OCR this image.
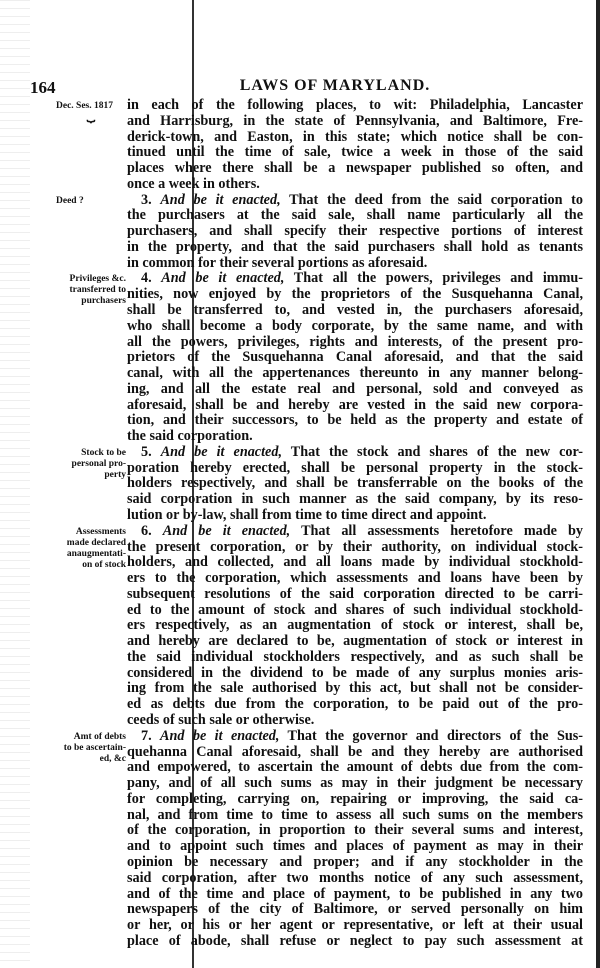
164	LAWS OF MARYLAND.
in each of the following places, to wit: Philadelphia, Lancaster
and Harrisburg, in the state of Pennsylvania, and Baltimore, Fre-
derick-town, and Easton, in this state; which notice shall be con-
tinued until the time of sale, twice a week in those of the said
places where there shall be a newspaper published so often, and
once a week in others.
3. And be it enacted, That the deed from the said corporation to
the purchasers at the said sale, shall name particularly all the
purchasers, and shall specify their respective portions of interest
in the property, and that the said purchasers shall hold as tenants
in common for their several portions as aforesaid.
4. And be it enacted, That all the powers, privileges and immu-
nities, now enjoyed by the proprietors of the Susquehanna Canal,
shall be transferred to, and vested in, the purchasers aforesaid,
who shall become a body corporate, by the same name, and with
all the powers, privileges, rights and interests, of the present pro-
prietors of the Susquehanna Canal aforesaid, and that the said
canal, with all the appertenances thereunto in any manner belong-
ing, and all the estate real and personal, sold and conveyed as
aforesaid, shall be and hereby are vested in the said new corpora-
tion, and their successors, to be held as the property and estate of
the said corporation.
5. And be it enacted, That the stock and shares of the new cor-
poration hereby erected, shall be personal property in the stock-
holders respectively, and shall be transferrable on the books of the
said corporation in such manner as the said company, by its reso-
lution or by-law, shall from time to time direct and appoint.
6. And be it enacted, That all assessments heretofore made by
the present corporation, or by their authority, on individual stock-
holders, and collected, and all loans made by individual stockhold-
ers to the corporation, which assessments and loans have been by
subsequent resolutions of the said corporation directed to be carri-
ed to the amount of stock and shares of such individual stockhold-
ers respectively, as an augmentation of stock or interest, shall be,
and hereby are declared to be, augmentation of stock or interest in
the said individual stockholders respectively, and as such shall be
considered in the dividend to be made of any surplus monies aris-
ing from the sale authorised by this act, but shall not be consider-
ed as debts due from the corporation, to be paid out of the pro-
ceeds of such sale or otherwise.
7. And be it enacted, That the governor and directors of the Sus-
quehanna Canal aforesaid, shall be and they hereby are authorised
and empowered, to ascertain the amount of debts due from the com-
pany, and of all such sums as may in their judgment be necessary
for completing, carrying on, repairing or improving, the said ca-
nal, and from time to time to assess all such sums on the members
of the corporation, in proportion to their several sums and interest,
and to appoint such times and places of payment as may in their
opinion be necessary and proper; and if any stockholder in the
said corporation, after two months notice of any such assessment,
and of the time and place of payment, to be published in any two
newspapers of the city of Baltimore, or served personally on him
or her, or his or her agent or representative, or left at their usual
place of abode, shall refuse or neglect to pay such assessment at
Dec. Ses. 1817
⏟
Deed ?
Privileges &c.
transferred to
purchasers
Stock to be
personal pro-
perty
Assessments
made declared
anaugmentati-
on of stock
Amt of debts
to be ascertain-
ed, &c
